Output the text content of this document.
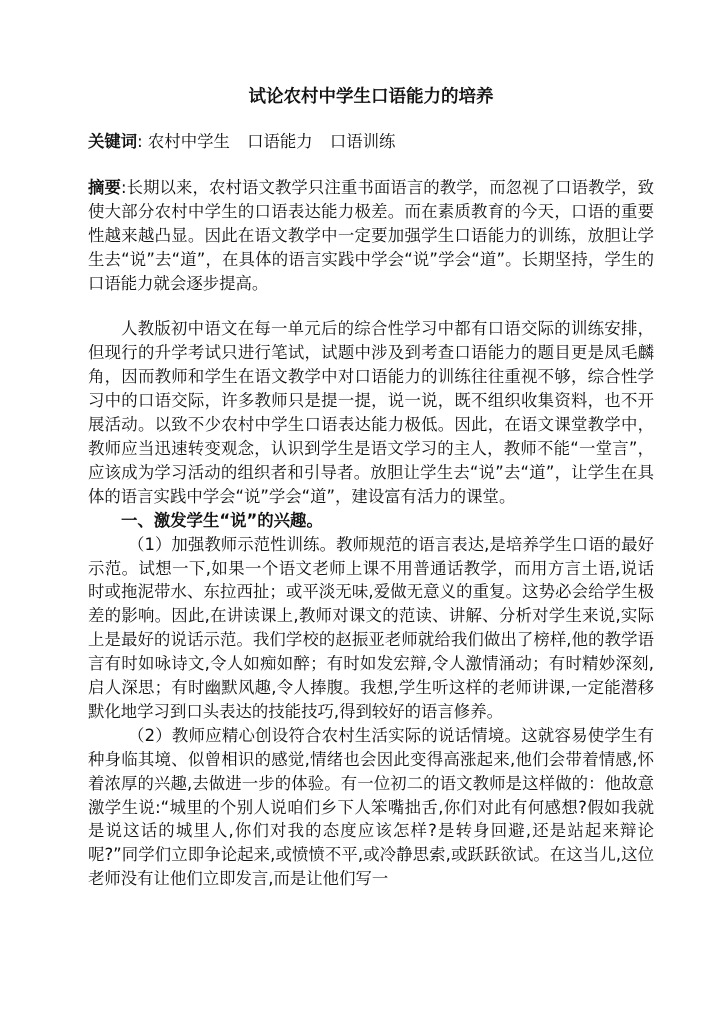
试论农村中学生口语能力的培养

关键词: 农村中学生 口语能力 口语训练

摘要:长期以来，农村语文教学只注重书面语言的教学，而忽视了口语教学，致使大部分农村中学生的口语表达能力极差。而在素质教育的今天，口语的重要性越来越凸显。因此在语文教学中一定要加强学生口语能力的训练，放胆让学生去“说”去“道”，在具体的语言实践中学会“说”学会“道”。长期坚持，学生的口语能力就会逐步提高。

人教版初中语文在每一单元后的综合性学习中都有口语交际的训练安排，但现行的升学考试只进行笔试，试题中涉及到考查口语能力的题目更是凤毛麟角，因而教师和学生在语文教学中对口语能力的训练往往重视不够，综合性学习中的口语交际，许多教师只是提一提，说一说，既不组织收集资料，也不开展活动。以致不少农村中学生口语表达能力极低。因此，在语文课堂教学中，教师应当迅速转变观念，认识到学生是语文学习的主人，教师不能“一堂言”，应该成为学习活动的组织者和引导者。放胆让学生去“说”去“道”，让学生在具体的语言实践中学会“说”学会“道”，建设富有活力的课堂。

一、激发学生“说”的兴趣。

（1）加强教师示范性训练。教师规范的语言表达,是培养学生口语的最好示范。试想一下,如果一个语文老师上课不用普通话教学，而用方言土语,说话时或拖泥带水、东拉西扯；或平淡无味,爱做无意义的重复。这势必会给学生极差的影响。因此,在讲读课上,教师对课文的范读、讲解、分析对学生来说,实际上是最好的说话示范。我们学校的赵振亚老师就给我们做出了榜样,他的教学语言有时如咏诗文,令人如痴如醉；有时如发宏辩,令人激情涌动；有时精妙深刻,启人深思；有时幽默风趣,令人捧腹。我想,学生听这样的老师讲课,一定能潜移默化地学习到口头表达的技能技巧,得到较好的语言修养。

（2）教师应精心创设符合农村生活实际的说话情境。这就容易使学生有种身临其境、似曾相识的感觉,情绪也会因此变得高涨起来,他们会带着情感,怀着浓厚的兴趣,去做进一步的体验。有一位初二的语文教师是这样做的：他故意激学生说:“城里的个别人说咱们乡下人笨嘴拙舌,你们对此有何感想?假如我就是说这话的城里人,你们对我的态度应该怎样?是转身回避,还是站起来辩论呢?”同学们立即争论起来,或愤愤不平,或冷静思索,或跃跃欲试。在这当儿,这位老师没有让他们立即发言,而是让他们写一
